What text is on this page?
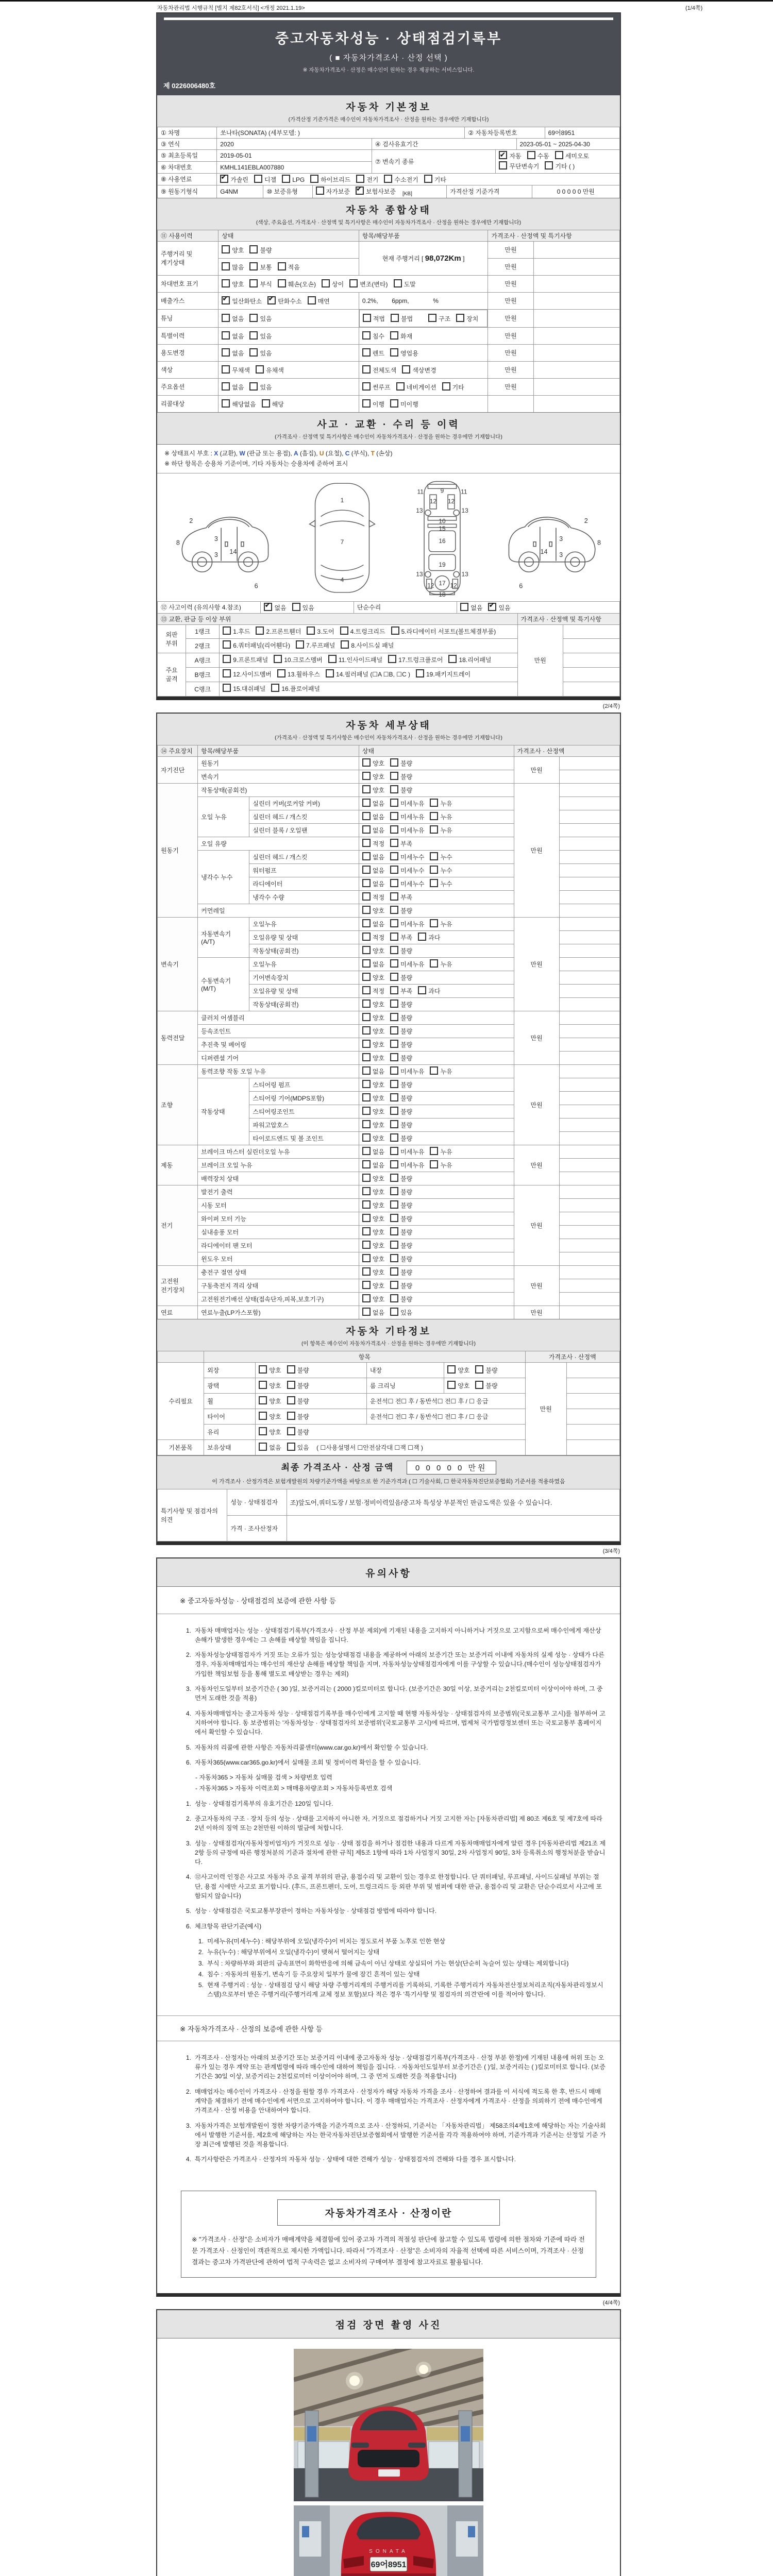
자동차관리법 시행규칙 [별지 제82호서식] <개정 2021.1.19>	(1/4쪽)
중고자동차성능 · 상태점검기록부
( ■ 자동차가격조사 · 산정 선택 )
※ 자동차가격조사 · 산정은 매수인이 원하는 경우 제공하는 서비스입니다.
제 0226006480호
자동차 기본정보
(가격산정 기준가격은 매수인이 자동차가격조사 · 산정을 원하는 경우에만 기재합니다)
① 차명	쏘나타(SONATA) (세부모델: )	② 자동차등록번호	69어8951
③ 연식	2020	④ 검사유효기간	2023-05-01 ~ 2025-04-30
⑤ 최초등록일	2019-05-01	⑦ 변속기 종류	✔자동 수동 세미오토무단변속기 기타 ( )
⑥ 차대번호	KMHL141EBLA007880		
⑧ 사용연료	✔가솔린	디젤	LPG	하이브리드	전기	수소전기	기타
⑨ 원동기형식	G4NM	⑩ 보증유형	자가보증 ✔	보험사보증 $_{[KB]}$	가격산정 기준가격	0 0 0 0 0 만원
자동차 종합상태
(색상, 주요옵션, 가격조사 · 산정액 및 특기사항은 매수인이 자동차가격조사 · 산정을 원하는 경우에만 기재합니다)
⑪ 사용이력	상태	항목/해당부품	가격조사 · 산정액 및 특기사항	
주행거리 및 계기상태	양호 불량	현재 주행거리 [ 98,072Km ]	만원	
	많음 보통 적음		만원	
차대번호 표기	양호 부식 훼손(오손) 상이 변조(변타) 도말		만원	
배출가스	✔일산화탄소 ✔ 탄화수소 매연	0.2%,        6ppm,              %	만원	
튜닝	없음 있음		적법	불법	구조	장치	만원	
특별이력	없음 있음	침수 화재	만원	
용도변경	없음 있음	렌트 영업용	만원	
색상	무채색 유채색	전체도색 색상변경	만원	
주요옵션	없음 있음	썬루프 네비게이션 기타	만원	
리콜대상	해당없음 해당	이행 미이행		
사고 · 교환 · 수리 등 이력
(가격조사 · 산정액 및 특기사항은 매수인이 자동차가격조사 · 산정을 원하는 경우에만 기재합니다)
※ 상태표시 부호 : X (교환), W (판금 또는 용접), A (흠집), U (요철), C (부식), T (손상)
※ 하단 항목은 승용차 기준이며, 기타 자동차는 승용차에 준하여 표시
2
8
3
14
3
6
1
7
4
11	11
9
13	13
12 12
10
15
16
19
13	13
12 12
17
18
2
8
3
14 3
6
⑫ 사고이력 (유의사항 4.참조)	✔없음	있음	단순수리	없음 ✔	있음
⑬ 교환, 판금 등 이상 부위			가격조사 · 산정액 및 특기사항	
외판 부위	1랭크	1.후드 2.프론트휀더 3.도어 4.트렁크리드 5.라디에이터 서포트(볼트체결부품)	만원	
	2랭크	6.쿼터패널(리어휀다) 7.루프패널 8.사이드실 패널		
주요 골격	A랭크	9.프론트패널 10.크로스멤버 11.인사이드패널 17.트렁크플로어 18.리어패널		
	B랭크	12.사이드멤버 13.휠하우스 14.필러패널 (☐A ☐B, ☐C ) 19.패키지트레이		
	C랭크	15.대쉬패널 16.플로어패널		
(2/4쪽)
자동차 세부상태
(가격조사 · 산정액 및 특기사항은 매수인이 자동차가격조사 · 산정을 원하는 경우에만 기재합니다)
⑭ 주요장치	항목/해당부품		상태	가격조사 · 산정액	
자기진단	원동기		양호 불량	만원	
	변속기		양호 불량		
원동기	작동상태(공회전)		양호 불량	만원	
	오일 누유	실린더 커버(로커암 커버)	없음 미세누유 누유		
		실린더 헤드 / 개스킷	없음 미세누유 누유		
		실린더 블록 / 오일팬	없음 미세누유 누유		
	오일 유량		적정 부족		
	냉각수 누수	실린더 헤드 / 개스킷	없음 미세누수 누수		
		워터펌프	없음 미세누수 누수		
		라디에이터	없음 미세누수 누수		
		냉각수 수량	적정 부족		
	커먼레일		양호 불량		
변속기	자동변속기 (A/T)	오일누유	없음 미세누유 누유	만원	
		오일유량 및 상태	적정 부족 과다		
		작동상태(공회전)	양호 불량		
	수동변속기 (M/T)	오일누유	없음 미세누유 누유		
		기어변속장치	양호 불량		
		오일유량 및 상태	적정 부족 과다		
		작동상태(공회전)	양호 불량		
동력전달	클러치 어셈블리		양호 불량	만원	
	등속조인트		양호 불량		
	추진축 및 베어링		양호 불량		
	디퍼렌셜 기어		양호 불량		
조향	동력조향 작동 오일 누유		없음 미세누유 누유	만원	
	작동상태	스티어링 펌프	양호 불량		
		스티어링 기어(MDPS포함)	양호 불량		
		스티어링조인트	양호 불량		
		파워고압호스	양호 불량		
		타이로드엔드 및 볼 조인트	양호 불량		
제동	브레이크 마스터 실린더오일 누유		없음 미세누유 누유	만원	
	브레이크 오일 누유		없음 미세누유 누유		
	배력장치 상태		양호 불량		
전기	발전기 출력		양호 불량	만원	
	시동 모터		양호 불량		
	와이퍼 모터 기능		양호 불량		
	실내송풍 모터		양호 불량		
	라디에이터 팬 모터		양호 불량		
	윈도우 모터		양호 불량		
고전원 전기장치	충전구 절연 상태		양호 불량	만원	
	구동축전지 격리 상태		양호 불량		
	고전원전기배선 상태(접속단자,피복,보호기구)		양호 불량		
연료	연료누출(LP가스포함)		없음 있음	만원	
자동차 기타정보
(이 항목은 매수인이 자동차가격조사 · 산정을 원하는 경우에만 기재합니다)
	항목				가격조사 · 산정액	
수리필요	외장	양호 불량	내장	양호 불량	만원	
	광택	양호 불량	룸 크리닝	양호 불량		
	휠	양호 불량	운전석☐ 전☐ 후 / 동반석☐ 전☐ 후 / ☐ 응급			
	타이어	양호 불량	운전석☐ 전☐ 후 / 동반석☐ 전☐ 후 / ☐ 응급			
	유리	양호 불량				
기본품목	보유상태	없음 있음 ( ☐사용설명서 ☐안전삼각대 ☐잭 ☐잭 )				
최종 가격조사 · 산정 금액	0 0 0 0 0 만원
이 가격조사 · 산정가격은 보험개발원의 차량기준가액을 바탕으로 한 기준가격과 ( ☐ 기술사회, ☐ 한국자동차진단보증협회) 기준서를 적용하였음
특기사항 및 점검자의 의견	성능 · 상태점검자	조)앞도어,쿼터도장 / 보험·정비이력있음/중고차 특성상 부분적인 판금도색은 있을 수 있습니다.
	가격 · 조사산정자	
(3/4쪽)
유의사항
※ 중고자동차성능 · 상태점검의 보증에 관한 사항 등
1. 자동차 매매업자는 성능 · 상태점검기록부(가격조사 · 산정 부분 제외)에 기재된 내용을 고지하지 아니하거나 거짓으로 고지함으로써 매수인에게 재산상 손해가 발생한 경우에는 그 손해를 배상할 책임을 집니다.
2. 자동차성능상태점검자가 거짓 또는 오류가 있는 성능상태점검 내용을 제공하여 아래의 보증기간 또는 보증거리 이내에 자동차의 실제 성능 · 상태가 다른 경우, 자동차매매업자는 매수인의 재산상 손해를 배상할 책임을 지며, 자동차성능상태점검자에게 이를 구상할 수 있습니다.(매수인이 성능상태점검자가 가입한 책임보험 등을 통해 별도로 배상받는 경우는 제외)
3. 자동차인도일부터 보증기간은 ( 30 )일, 보증거리는 ( 2000 )킬로미터로 합니다. (보증기간은 30일 이상, 보증거리는 2천킬로미터 이상이어야 하며, 그 중 먼저 도래한 것을 적용)
4. 자동차매매업자는 중고자동차 성능 · 상태점검기록부를 매수인에게 고지할 때 현행 자동차성능 · 상태점검자의 보증범위(국토교통부 고시)를 첨부하여 고지하여야 합니다. 동 보증범위는 '자동차성능 · 상태점검자의 보증범위'(국토교통부 고시)에 따르며, 법제처 국가법령정보센터 또는 국토교통부 홈페이지에서 확인할 수 있습니다.
5. 자동차의 리콜에 관한 사항은 자동차리콜센터(www.car.go.kr)에서 확인할 수 있습니다.
6. 자동차365(www.car365.go.kr)에서 실매물 조회 및 정비이력 확인을 할 수 있습니다.
- 자동차365 > 자동차 실매물 검색 > 차량번호 입력
- 자동차365 > 자동차 이력조회 > 매매용차량조회 > 자동차등록번호 검색
1. 성능 · 상태점검기록부의 유효기간은 120일 입니다.
2. 중고자동차의 구조 · 장치 등의 성능 · 상태를 고지하지 아니한 자, 거짓으로 점검하거나 거짓 고지한 자는 [자동차관리법] 제 80조 제6호 및 제7호에 따라 2년 이하의 징역 또는 2천만원 이하의 벌금에 처합니다.
3. 성능 · 상태점검자(자동차정비업자)가 거짓으로 성능 · 상태 점검을 하거나 점검한 내용과 다르게 자동차매매업자에게 알린 경우 [자동차관리법 제21조 제2항 등의 규정에 따른 행정처분의 기준과 절차에 관한 규칙] 제5조 1항에 따라 1차 사업정지 30일, 2차 사업정지 90일, 3차 등록취소의 행정처분을 받습니다.
4. ⑫사고이력 인정은 사고로 자동차 주요 골격 부위의 판금, 용접수리 및 교환이 있는 경우로 한정합니다. 단 쿼터패널, 루프패널, 사이드실패널 부위는 절단, 용접 시에만 사고로 표기합니다. (후드, 프론트펜더, 도어, 트렁크리드 등 외판 부위 및 범퍼에 대한 판금, 용접수리 및 교환은 단순수리로서 사고에 포함되지 않습니다)
5. 성능 · 상태점검은 국토교통부장관이 정하는 자동차성능 · 상태점검 방법에 따라야 합니다.
6. 체크항목 판단기준(예시)
1. 미세누유(미세누수) : 해당부위에 오일(냉각수)이 비치는 정도로서 부품 노후로 인한 현상
2. 누유(누수) : 해당부위에서 오일(냉각수)이 맺혀서 떨어지는 상태
3. 부식 : 차량하부와 외판의 금속표면이 화학반응에 의해 금속이 아닌 상태로 상실되어 가는 현상(단순히 녹슬어 있는 상태는 제외합니다)
4. 침수 : 자동차의 원동기, 변속기 등 주요장치 일부가 물에 잠긴 흔적이 있는 상태
5. 현재 주행거리 : 성능 · 상태점검 당시 해당 차량 주행거리계의 주행거리를 기록하되, 기록한 주행거리가 자동차전산정보처리조직(자동차관리정보시스템)으로부터 받은 주행거리(주행거리계 교체 정보 포함)보다 적은 경우 '특기사항 및 점검자의 의견'란에 이를 적어야 합니다.
※ 자동차가격조사 · 산정의 보증에 관한 사항 등
1. 가격조사 · 산정자는 아래의 보증기간 또는 보증거리 이내에 중고자동차 성능 · 상태점검기록부(가격조사 · 산정 부분 한정)에 기재된 내용에 허위 또는 오류가 있는 경우 계약 또는 관계법령에 따라 매수인에 대하여 책임을 집니다. · 자동차인도일부터 보증기간은 ( )일, 보증거리는 ( )킬로미터로 합니다. (보증기간은 30일 이상, 보증거리는 2천킬로미터 이상이어야 하며, 그 중 먼저 도래한 것을 적용합니다)
2. 매매업자는 매수인이 가격조사 · 산정을 원할 경우 가격조사 · 산정자가 해당 자동차 가격을 조사 · 산정하여 결과를 이 서식에 적도록 한 후, 반드시 매매계약을 체결하기 전에 매수인에게 서면으로 고지하여야 합니다. 이 경우 매매업자는 가격조사 · 산정자에게 가격조사 · 산정을 의뢰하기 전에 매수인에게 가격조사 · 산정 비용을 안내하여야 합니다.
3. 자동차가격은 보험개발원이 정한 차량기준가액을 기준가격으로 조사 · 산정하되, 기준서는 「자동차관리법」 제58조의4제1호에 해당하는 자는 기술사회에서 발행한 기준서를, 제2호에 해당하는 자는 한국자동차진단보증협회에서 발행한 기준서를 각각 적용하여야 하며, 기준가격과 기준서는 산정일 기준 가장 최근에 발행된 것을 적용합니다.
4. 특기사항란은 가격조사 · 산정자의 자동차 성능 · 상태에 대한 견해가 성능 · 상태점검자의 견해와 다를 경우 표시합니다.
자동차가격조사 · 산정이란
※ "가격조사 · 산정"은 소비자가 매매계약을 체결함에 있어 중고차 가격의 적절성 판단에 참고할 수 있도록 법령에 의한 절차와 기준에 따라 전문 가격조사 · 산정인이 객관적으로 제시한 가액입니다. 따라서 "가격조사 · 산정"은 소비자의 자율적 선택에 따른 서비스이며, 가격조사 · 산정 결과는 중고차 가격판단에 관하여 법적 구속력은 없고 소비자의 구매여부 결정에 참고자료로 활용됩니다.
(4/4쪽)
점검 장면 촬영 사진
SONATA
69어8951
